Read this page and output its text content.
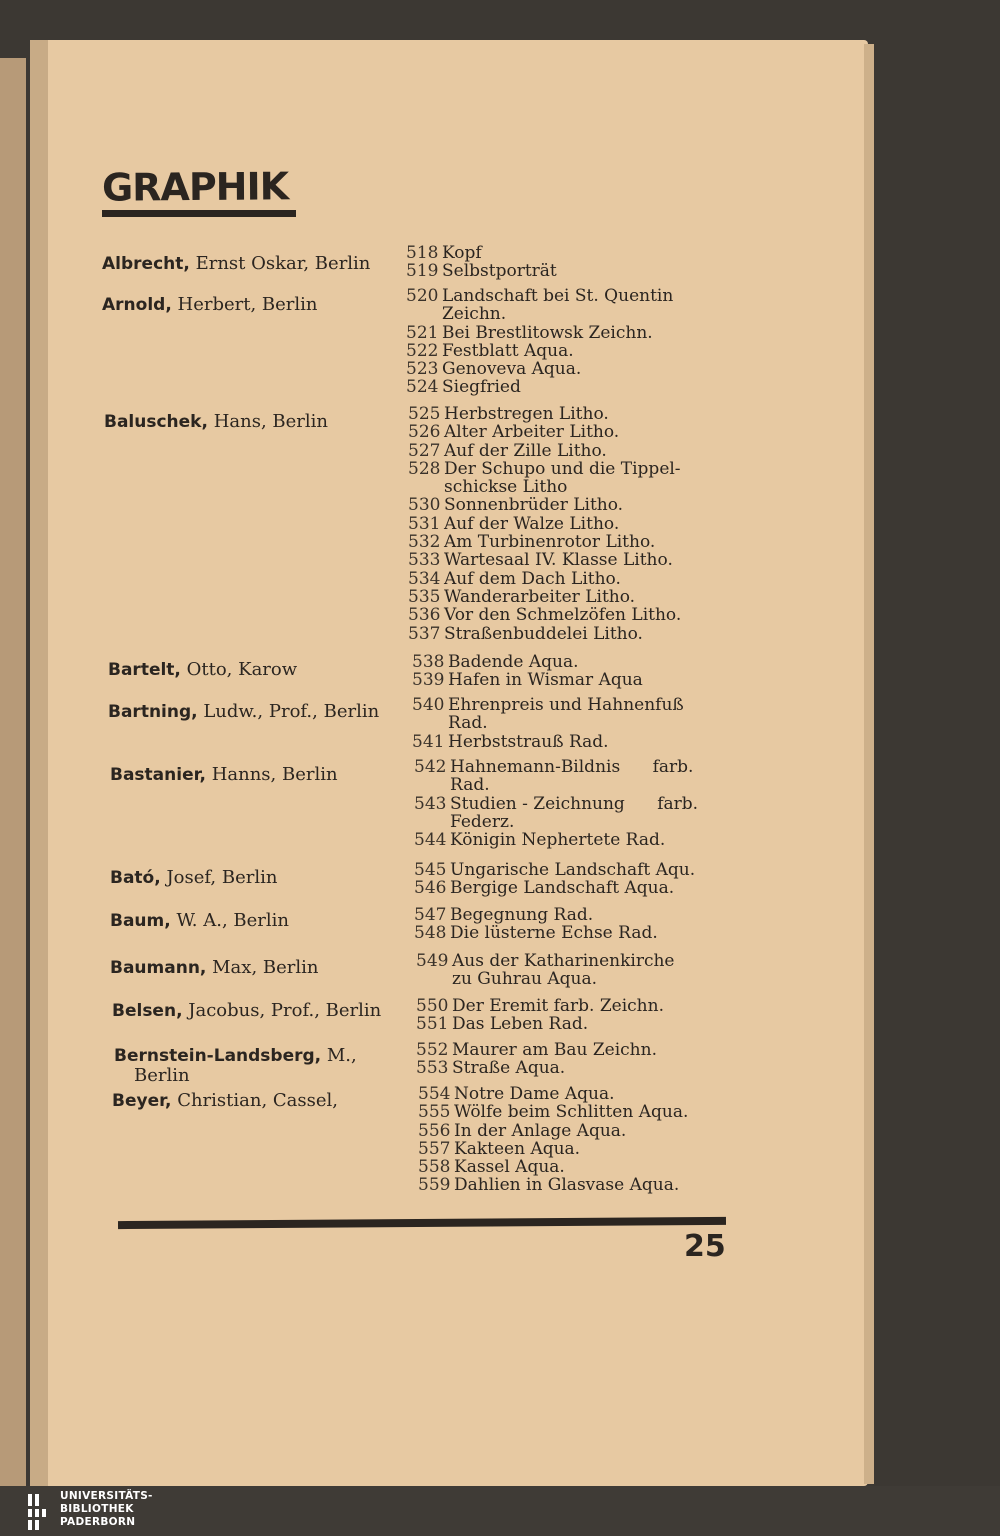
GRAPHIK
Albrecht, Ernst Oskar, Berlin
Arnold, Herbert, Berlin
Baluschek, Hans, Berlin
Bartelt, Otto, Karow
Bartning, Ludw., Prof., Berlin
Bastanier, Hanns, Berlin
Bató, Josef, Berlin
Baum, W. A., Berlin
Baumann, Max, Berlin
Belsen, Jacobus, Prof., Berlin
Bernstein-Landsberg, M.,
Berlin
Beyer, Christian, Cassel,
518 Kopf
519 Selbstporträt
520 Landschaft bei St. Quentin
Zeichn.
521 Bei Brestlitowsk Zeichn.
522 Festblatt Aqua.
523 Genoveva Aqua.
524 Siegfried
525 Herbstregen Litho.
526 Alter Arbeiter Litho.
527 Auf der Zille Litho.
528 Der Schupo und die Tippel-
schickse Litho
530 Sonnenbrüder Litho.
531 Auf der Walze Litho.
532 Am Turbinenrotor Litho.
533 Wartesaal IV. Klasse Litho.
534 Auf dem Dach Litho.
535 Wanderarbeiter Litho.
536 Vor den Schmelzöfen Litho.
537 Straßenbuddelei Litho.
538 Badende Aqua.
539 Hafen in Wismar Aqua
540 Ehrenpreis und Hahnenfuß
Rad.
541 Herbststrauß Rad.
542 Hahnemann-Bildnis      farb.
Rad.
543 Studien - Zeichnung      farb.
Federz.
544 Königin Nephertete Rad.
545 Ungarische Landschaft Aqu.
546 Bergige Landschaft Aqua.
547 Begegnung Rad.
548 Die lüsterne Echse Rad.
549 Aus der Katharinenkirche
zu Guhrau Aqua.
550 Der Eremit farb. Zeichn.
551 Das Leben Rad.
552 Maurer am Bau Zeichn.
553 Straße Aqua.
554 Notre Dame Aqua.
555 Wölfe beim Schlitten Aqua.
556 In der Anlage Aqua.
557 Kakteen Aqua.
558 Kassel Aqua.
559 Dahlien in Glasvase Aqua.
25
UNIVERSITÄTS-
BIBLIOTHEK
PADERBORN
